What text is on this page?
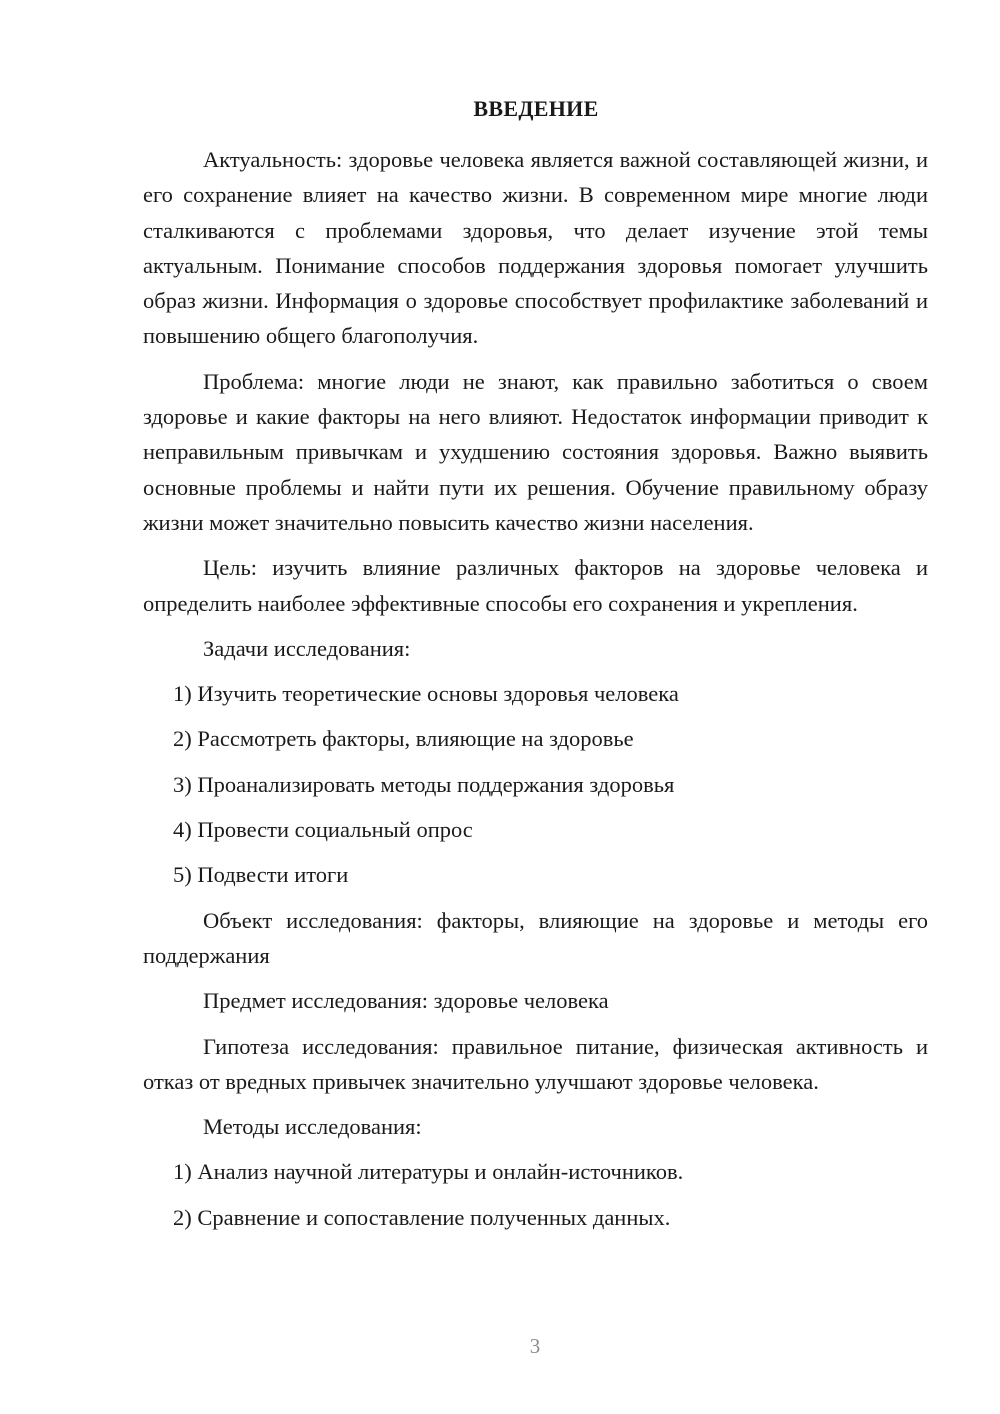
ВВЕДЕНИЕ

Актуальность: здоровье человека является важной составляющей жизни, и его сохранение влияет на качество жизни. В современном мире многие люди сталкиваются с проблемами здоровья, что делает изучение этой темы актуальным. Понимание способов поддержания здоровья помогает улучшить образ жизни. Информация о здоровье способствует профилактике заболеваний и повышению общего благополучия.

Проблема: многие люди не знают, как правильно заботиться о своем здоровье и какие факторы на него влияют. Недостаток информации приводит к неправильным привычкам и ухудшению состояния здоровья. Важно выявить основные проблемы и найти пути их решения. Обучение правильному образу жизни может значительно повысить качество жизни населения.

Цель: изучить влияние различных факторов на здоровье человека и определить наиболее эффективные способы его сохранения и укрепления.

Задачи исследования:

1) Изучить теоретические основы здоровья человека
2) Рассмотреть факторы, влияющие на здоровье
3) Проанализировать методы поддержания здоровья
4) Провести социальный опрос
5) Подвести итоги

Объект исследования: факторы, влияющие на здоровье и методы его поддержания

Предмет исследования: здоровье человека

Гипотеза исследования: правильное питание, физическая активность и отказ от вредных привычек значительно улучшают здоровье человека.

Методы исследования:

1) Анализ научной литературы и онлайн-источников.
2) Сравнение и сопоставление полученных данных.
3
